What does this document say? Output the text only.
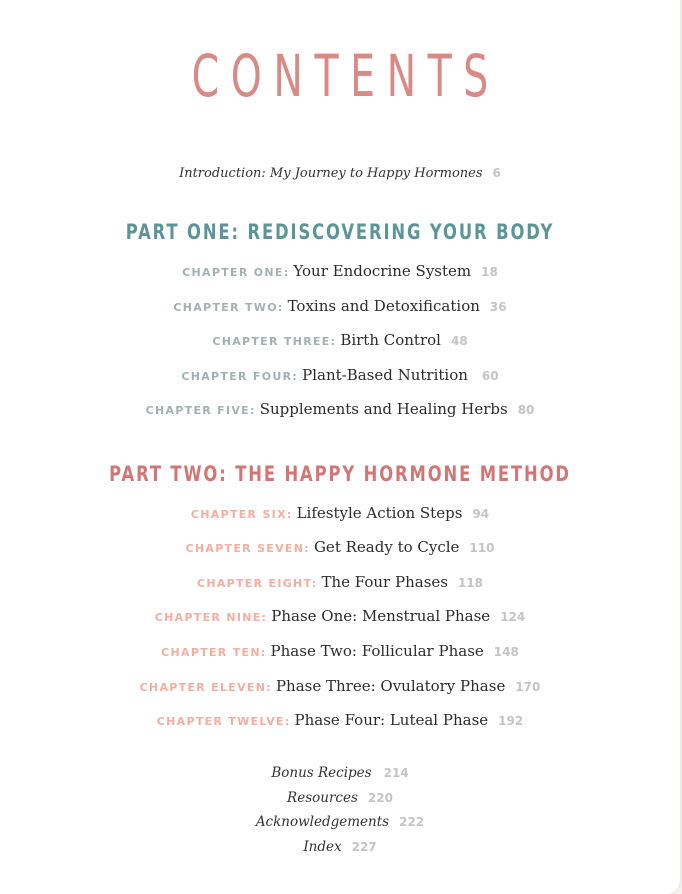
CONTENTS
Introduction: My Journey to Happy Hormones 6
PART ONE: REDISCOVERING YOUR BODY
CHAPTER ONE: Your Endocrine System 18
CHAPTER TWO: Toxins and Detoxification 36
CHAPTER THREE: Birth Control 48
CHAPTER FOUR: Plant-Based Nutrition 60
CHAPTER FIVE: Supplements and Healing Herbs 80
PART TWO: THE HAPPY HORMONE METHOD
CHAPTER SIX: Lifestyle Action Steps 94
CHAPTER SEVEN: Get Ready to Cycle 110
CHAPTER EIGHT: The Four Phases 118
CHAPTER NINE: Phase One: Menstrual Phase 124
CHAPTER TEN: Phase Two: Follicular Phase 148
CHAPTER ELEVEN: Phase Three: Ovulatory Phase 170
CHAPTER TWELVE: Phase Four: Luteal Phase 192
Bonus Recipes 214
Resources 220
Acknowledgements 222
Index 227
